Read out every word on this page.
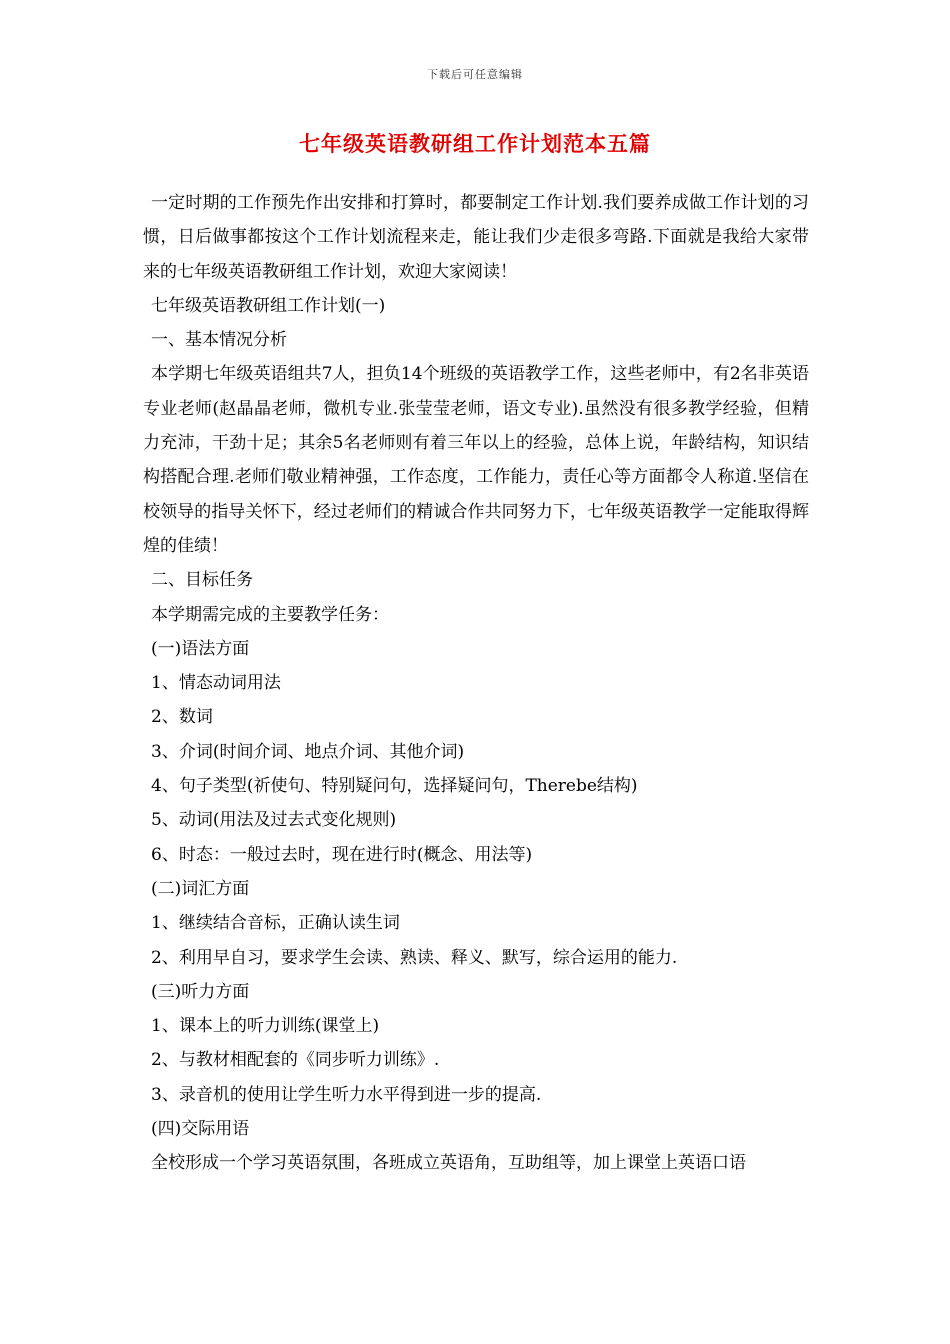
下载后可任意编辑
七年级英语教研组工作计划范本五篇

一定时期的工作预先作出安排和打算时，都要制定工作计划.我们要养成做工作计划的习惯，日后做事都按这个工作计划流程来走，能让我们少走很多弯路.下面就是我给大家带来的七年级英语教研组工作计划，欢迎大家阅读！

七年级英语教研组工作计划(一)

一、基本情况分析

本学期七年级英语组共7人，担负14个班级的英语教学工作，这些老师中，有2名非英语专业老师(赵晶晶老师，微机专业.张莹莹老师，语文专业).虽然没有很多教学经验，但精力充沛，干劲十足；其余5名老师则有着三年以上的经验，总体上说，年龄结构，知识结构搭配合理.老师们敬业精神强，工作态度，工作能力，责任心等方面都令人称道.坚信在校领导的指导关怀下，经过老师们的精诚合作共同努力下，七年级英语教学一定能取得辉煌的佳绩！

二、目标任务

本学期需完成的主要教学任务：

(一)语法方面

1、情态动词用法

2、数词

3、介词(时间介词、地点介词、其他介词)

4、句子类型(祈使句、特别疑问句，选择疑问句，Therebe结构)

5、动词(用法及过去式变化规则)

6、时态：一般过去时，现在进行时(概念、用法等)

(二)词汇方面

1、继续结合音标，正确认读生词

2、利用早自习，要求学生会读、熟读、释义、默写，综合运用的能力.

(三)听力方面

1、课本上的听力训练(课堂上)

2、与教材相配套的《同步听力训练》.

3、录音机的使用让学生听力水平得到进一步的提高.

(四)交际用语

全校形成一个学习英语氛围，各班成立英语角，互助组等，加上课堂上英语口语
